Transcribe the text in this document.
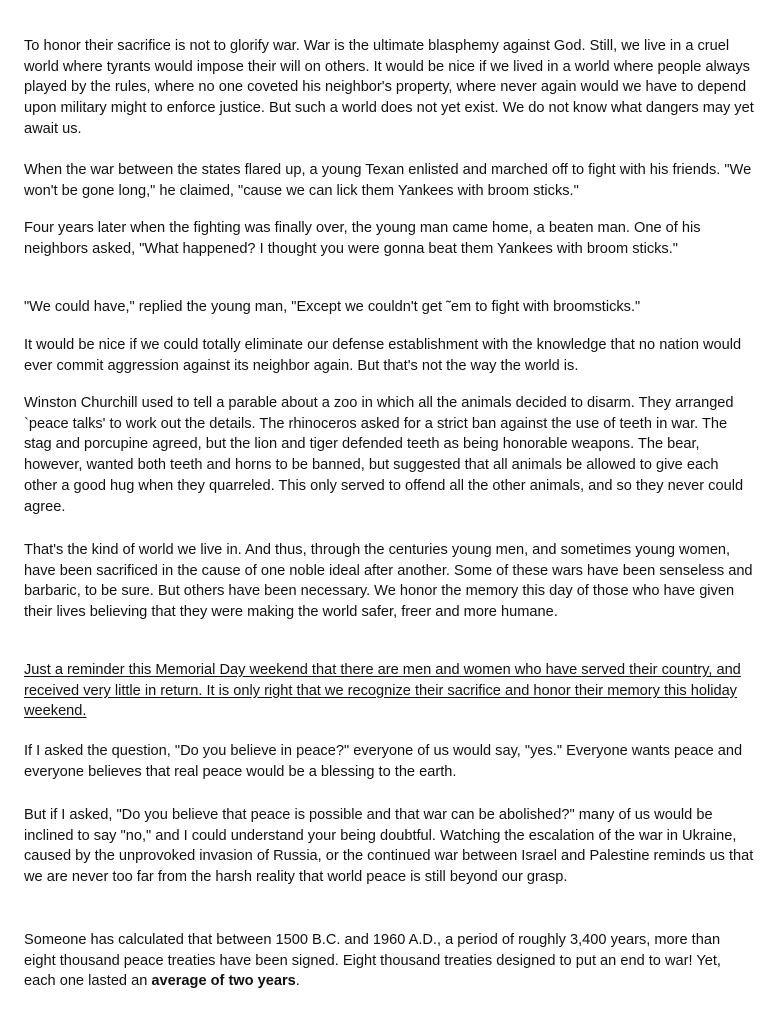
To honor their sacrifice is not to glorify war. War is the ultimate blasphemy against God. Still, we live in a cruel world where tyrants would impose their will on others. It would be nice if we lived in a world where people always played by the rules, where no one coveted his neighbor's property, where never again would we have to depend upon military might to enforce justice. But such a world does not yet exist. We do not know what dangers may yet await us.

When the war between the states flared up, a young Texan enlisted and marched off to fight with his friends. "We won't be gone long," he claimed, "cause we can lick them Yankees with broom sticks."

Four years later when the fighting was finally over, the young man came home, a beaten man. One of his neighbors asked, "What happened? I thought you were gonna beat them Yankees with broom sticks."

"We could have," replied the young man, "Except we couldn't get ˜em to fight with broomsticks."

It would be nice if we could totally eliminate our defense establishment with the knowledge that no nation would ever commit aggression against its neighbor again. But that's not the way the world is.

Winston Churchill used to tell a parable about a zoo in which all the animals decided to disarm. They arranged `peace talks' to work out the details. The rhinoceros asked for a strict ban against the use of teeth in war. The stag and porcupine agreed, but the lion and tiger defended teeth as being honorable weapons. The bear, however, wanted both teeth and horns to be banned, but suggested that all animals be allowed to give each other a good hug when they quarreled. This only served to offend all the other animals, and so they never could agree.

That's the kind of world we live in. And thus, through the centuries young men, and sometimes young women, have been sacrificed in the cause of one noble ideal after another. Some of these wars have been senseless and barbaric, to be sure. But others have been necessary. We honor the memory this day of those who have given their lives believing that they were making the world safer, freer and more humane.

Just a reminder this Memorial Day weekend that there are men and women who have served their country, and received very little in return. It is only right that we recognize their sacrifice and honor their memory this holiday weekend.

If I asked the question, "Do you believe in peace?" everyone of us would say, "yes." Everyone wants peace and everyone believes that real peace would be a blessing to the earth.

But if I asked, "Do you believe that peace is possible and that war can be abolished?" many of us would be inclined to say "no," and I could understand your being doubtful. Watching the escalation of the war in Ukraine, caused by the unprovoked invasion of Russia, or the continued war between Israel and Palestine reminds us that we are never too far from the harsh reality that world peace is still beyond our grasp.

Someone has calculated that between 1500 B.C. and 1960 A.D., a period of roughly 3,400 years, more than eight thousand peace treaties have been signed. Eight thousand treaties designed to put an end to war! Yet, each one lasted an average of two years.
